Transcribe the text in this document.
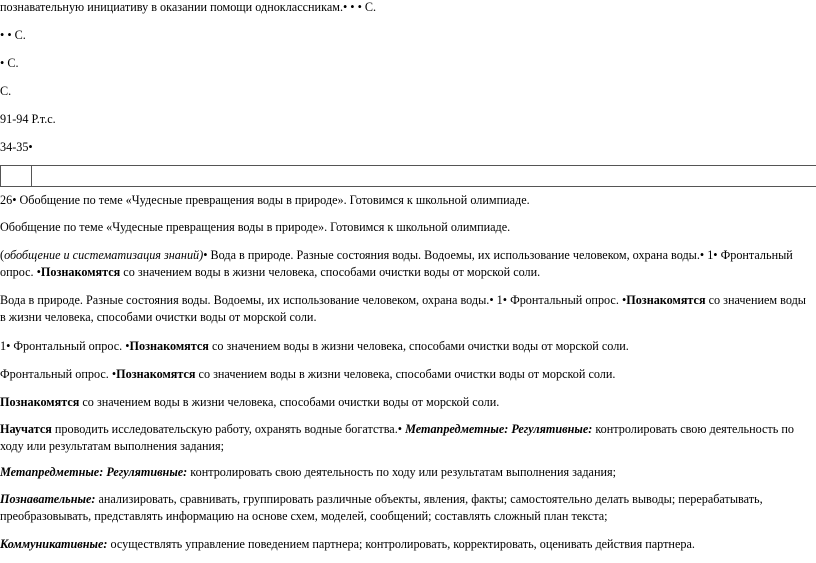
познавательную инициативу в оказании помощи одноклассникам.• • • С.
• • С.
• С.
С.
91-94 Р.т.с.
34-35•
26• Обобщение по теме «Чудесные превращения воды в природе». Готовимся к школьной олимпиаде.
Обобщение по теме «Чудесные превращения воды в природе». Готовимся к школьной олимпиаде.
(обобщение и систематизация знаний)• Вода в природе. Разные состояния воды. Водоемы, их использование человеком, охрана воды.• 1• Фронтальный опрос. •Познакомятся со значением воды в жизни человека, способами очистки воды от морской соли.
Вода в природе. Разные состояния воды. Водоемы, их использование человеком, охрана воды.• 1• Фронтальный опрос. •Познакомятся со значением воды в жизни человека, способами очистки воды от морской соли.
1• Фронтальный опрос. •Познакомятся со значением воды в жизни человека, способами очистки воды от морской соли.
Фронтальный опрос. •Познакомятся со значением воды в жизни человека, способами очистки воды от морской соли.
Познакомятся со значением воды в жизни человека, способами очистки воды от морской соли.
Научатся проводить исследовательскую работу, охранять водные богатства.• Метапредметные: Регулятивные: контролировать свою деятельность по ходу или результатам выполнения задания;
Метапредметные: Регулятивные: контролировать свою деятельность по ходу или результатам выполнения задания;
Познавательные: анализировать, сравнивать, группировать различные объекты, явления, факты; самостоятельно делать выводы; перерабатывать, преобразовывать, представлять информацию на основе схем, моделей, сообщений; составлять сложный план текста;
Коммуникативные: осуществлять управление поведением партнера; контролировать, корректировать, оценивать действия партнера.
